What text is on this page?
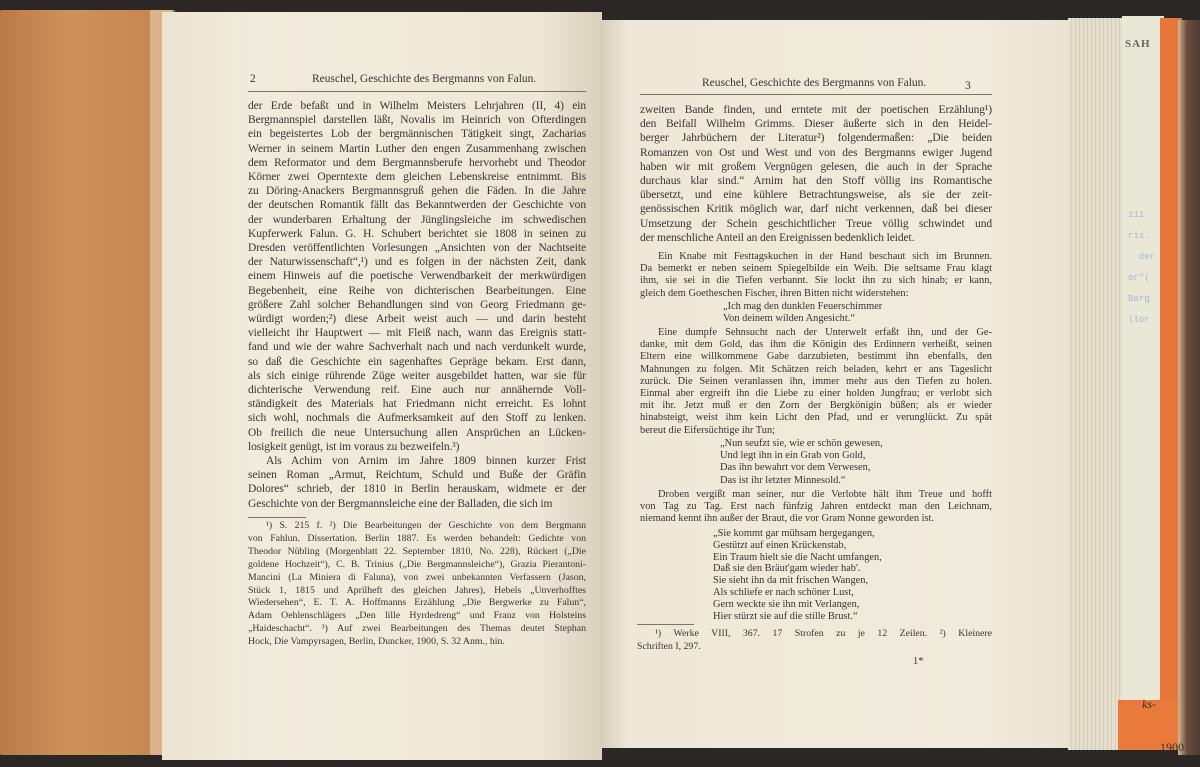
SAH
111
ris.
. der
or"(
Berg
llor
ks-
1900
2	Reuschel, Geschichte des Bergmanns von Falun.
der Erde befaßt und in Wilhelm Meisters Lehrjahren (II, 4) ein
Bergmannspiel darstellen läßt, Novalis im Heinrich von Ofterdingen
ein begeistertes Lob der bergmännischen Tätigkeit singt, Zacharias
Werner in seinem Martin Luther den engen Zusammenhang zwischen
dem Reformator und dem Bergmannsberufe hervorhebt und Theodor
Körner zwei Operntexte dem gleichen Lebenskreise entnimmt. Bis
zu Döring-Anackers Bergmannsgruß gehen die Fäden. In die Jahre
der deutschen Romantik fällt das Bekanntwerden der Geschichte von
der wunderbaren Erhaltung der Jünglingsleiche im schwedischen
Kupferwerk Falun. G. H. Schubert berichtet sie 1808 in seinen zu
Dresden veröffentlichten Vorlesungen „Ansichten von der Nachtseite
der Naturwissenschaft“,¹) und es folgen in der nächsten Zeit, dank
einem Hinweis auf die poetische Verwendbarkeit der merkwürdigen
Begebenheit, eine Reihe von dichterischen Bearbeitungen. Eine
größere Zahl solcher Behandlungen sind von Georg Friedmann ge-
würdigt worden;²) diese Arbeit weist auch — und darin besteht
vielleicht ihr Hauptwert — mit Fleiß nach, wann das Ereignis statt-
fand und wie der wahre Sachverhalt nach und nach verdunkelt wurde,
so daß die Geschichte ein sagenhaftes Gepräge bekam. Erst dann,
als sich einige rührende Züge weiter ausgebildet hatten, war sie für
dichterische Verwendung reif. Eine auch nur annähernde Voll-
ständigkeit des Materials hat Friedmann nicht erreicht. Es lohnt
sich wohl, nochmals die Aufmerksamkeit auf den Stoff zu lenken.
Ob freilich die neue Untersuchung allen Ansprüchen an Lücken-
losigkeit genügt, ist im voraus zu bezweifeln.³)
Als Achim von Arnim im Jahre 1809 binnen kurzer Frist
seinen Roman „Armut, Reichtum, Schuld und Buße der Gräfin
Dolores“ schrieb, der 1810 in Berlin herauskam, widmete er der
Geschichte von der Bergmannsleiche eine der Balladen, die sich im
¹) S. 215 f. ²) Die Bearbeitungen der Geschichte von dem Bergmann
von Fahlun. Dissertation. Berlin 1887. Es werden behandelt: Gedichte von
Theodor Nübling (Morgenblatt 22. September 1810, No. 228), Rückert („Die
goldene Hochzeit“), C. B. Trinius („Die Bergmannsleiche“), Grazia Pierantoni-
Mancini (La Miniera di Faluna), von zwei unbekannten Verfassern (Jason,
Stück 1, 1815 und Aprilheft des gleichen Jahres), Hebels „Unverhofftes
Wiedersehen“, E. T. A. Hoffmanns Erzählung „Die Bergwerke zu Falun“,
Adam Oehlenschlägers „Den lille Hyrdedreng“ und Franz von Holsteins
„Haideschacht“. ³) Auf zwei Bearbeitungen des Themas deutet Stephan
Hock, Die Vampyrsagen, Berlin, Duncker, 1900, S. 32 Anm., hin.
Reuschel, Geschichte des Bergmanns von Falun.	3
zweiten Bande finden, und erntete mit der poetischen Erzählung¹)
den Beifall Wilhelm Grimms. Dieser äußerte sich in den Heidel-
berger Jahrbüchern der Literatur²) folgendermaßen: „Die beiden
Romanzen von Ost und West und von des Bergmanns ewiger Jugend
haben wir mit großem Vergnügen gelesen, die auch in der Sprache
durchaus klar sind.“ Arnim hat den Stoff völlig ins Romantische
übersetzt, und eine kühlere Betrachtungsweise, als sie der zeit-
genössischen Kritik möglich war, darf nicht verkennen, daß bei dieser
Umsetzung der Schein geschichtlicher Treue völlig schwindet und
der menschliche Anteil an den Ereignissen bedenklich leidet.
Ein Knabe mit Festtagskuchen in der Hand beschaut sich im Brunnen.
Da bemerkt er neben seinem Spiegelbilde ein Weib. Die seltsame Frau klagt
ihm, sie sei in die Tiefen verbannt. Sie lockt ihn zu sich hinab; er kann,
gleich dem Goetheschen Fischer, ihren Bitten nicht widerstehen:
„Ich mag den dunklen Feuerschimmer
Von deinem wilden Angesicht.“
Eine dumpfe Sehnsucht nach der Unterwelt erfaßt ihn, und der Ge-
danke, mit dem Gold, das ihm die Königin des Erdinnern verheißt, seinen
Eltern eine willkommene Gabe darzubieten, bestimmt ihn ebenfalls, den
Mahnungen zu folgen. Mit Schätzen reich beladen, kehrt er ans Tageslicht
zurück. Die Seinen veranlassen ihn, immer mehr aus den Tiefen zu holen.
Einmal aber ergreift ihn die Liebe zu einer holden Jungfrau; er verlobt sich
mit ihr. Jetzt muß er den Zorn der Bergkönigin büßen; als er wieder
hinabsteigt, weist ihm kein Licht den Pfad, und er verunglückt. Zu spät
bereut die Eifersüchtige ihr Tun;
„Nun seufzt sie, wie er schön gewesen,
Und legt ihn in ein Grab von Gold,
Das ihn bewahrt vor dem Verwesen,
Das ist ihr letzter Minnesold.“
Droben vergißt man seiner, nur die Verlobte hält ihm Treue und hofft
von Tag zu Tag. Erst nach fünfzig Jahren entdeckt man den Leichnam,
niemand kennt ihn außer der Braut, die vor Gram Nonne geworden ist.
„Sie kommt gar mühsam hergegangen,
Gestützt auf einen Krückenstab,
Ein Traum hielt sie die Nacht umfangen,
Daß sie den Bräut'gam wieder hab'.
Sie sieht ihn da mit frischen Wangen,
Als schliefe er nach schöner Lust,
Gern weckte sie ihn mit Verlangen,
Hier stürzt sie auf die stille Brust.“
¹) Werke VIII, 367. 17 Strofen zu je 12 Zeilen. ²) Kleinere
Schriften I, 297.
1*
